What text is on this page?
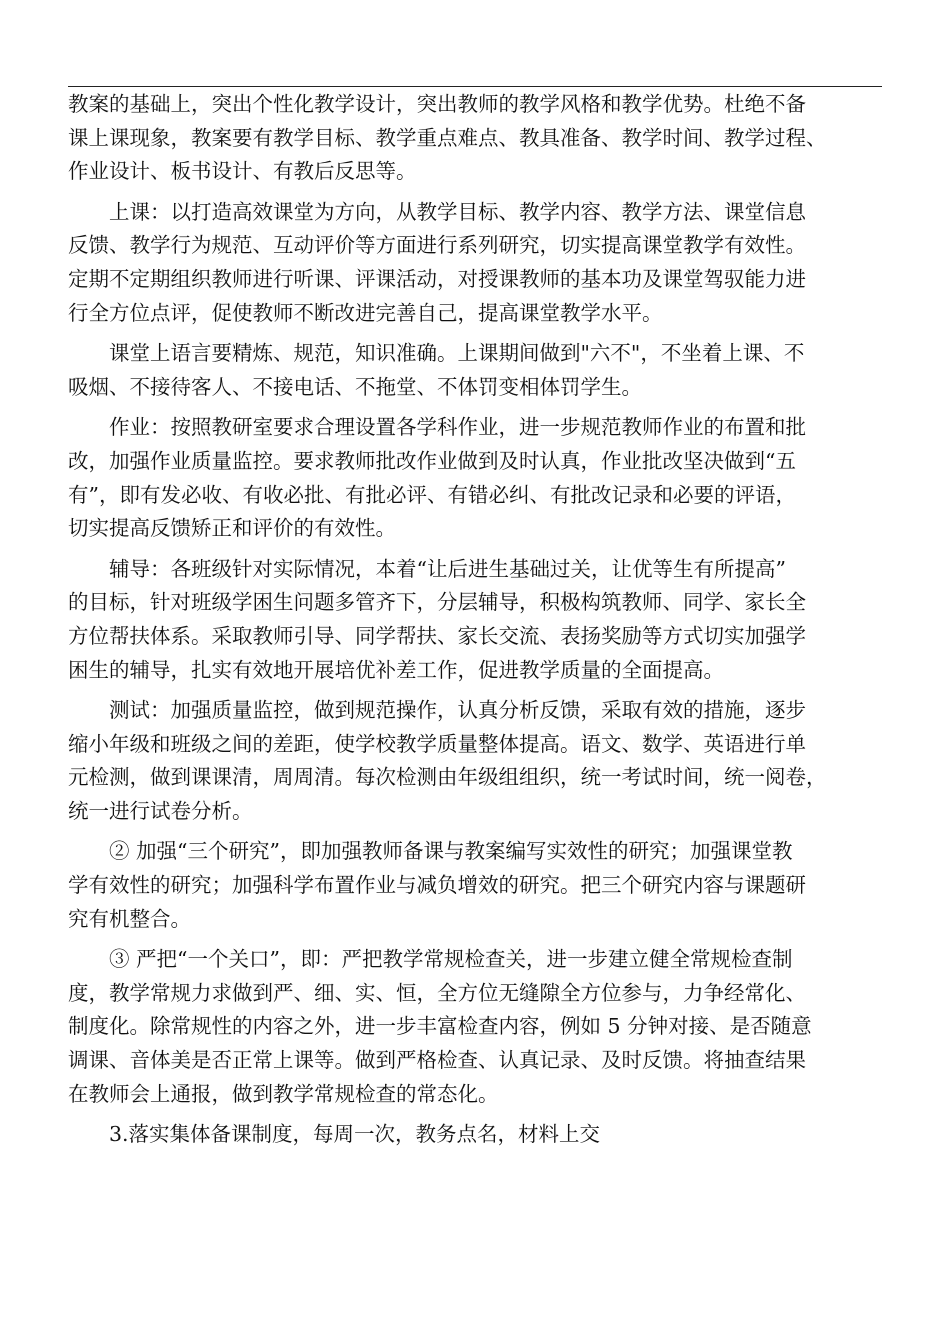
教案的基础上，突出个性化教学设计，突出教师的教学风格和教学优势。杜绝不备
课上课现象，教案要有教学目标、教学重点难点、教具准备、教学时间、教学过程、
作业设计、板书设计、有教后反思等。

　　上课：以打造高效课堂为方向，从教学目标、教学内容、教学方法、课堂信息
反馈、教学行为规范、互动评价等方面进行系列研究，切实提高课堂教学有效性。
定期不定期组织教师进行听课、评课活动，对授课教师的基本功及课堂驾驭能力进
行全方位点评，促使教师不断改进完善自己，提高课堂教学水平。

　　课堂上语言要精炼、规范，知识准确。上课期间做到"六不"，不坐着上课、不
吸烟、不接待客人、不接电话、不拖堂、不体罚变相体罚学生。

　　作业：按照教研室要求合理设置各学科作业，进一步规范教师作业的布置和批
改，加强作业质量监控。要求教师批改作业做到及时认真，作业批改坚决做到“五
有”，即有发必收、有收必批、有批必评、有错必纠、有批改记录和必要的评语，
切实提高反馈矫正和评价的有效性。

　　辅导：各班级针对实际情况，本着“让后进生基础过关，让优等生有所提高”
的目标，针对班级学困生问题多管齐下，分层辅导，积极构筑教师、同学、家长全
方位帮扶体系。采取教师引导、同学帮扶、家长交流、表扬奖励等方式切实加强学
困生的辅导，扎实有效地开展培优补差工作，促进教学质量的全面提高。

　　测试：加强质量监控，做到规范操作，认真分析反馈，采取有效的措施，逐步
缩小年级和班级之间的差距，使学校教学质量整体提高。语文、数学、英语进行单
元检测，做到课课清，周周清。每次检测由年级组组织，统一考试时间，统一阅卷，
统一进行试卷分析。

　　② 加强“三个研究”，即加强教师备课与教案编写实效性的研究；加强课堂教
学有效性的研究；加强科学布置作业与减负增效的研究。把三个研究内容与课题研
究有机整合。

　　③ 严把“一个关口”，即：严把教学常规检查关，进一步建立健全常规检查制
度，教学常规力求做到严、细、实、恒，全方位无缝隙全方位参与，力争经常化、
制度化。除常规性的内容之外，进一步丰富检查内容，例如 5 分钟对接、是否随意
调课、音体美是否正常上课等。做到严格检查、认真记录、及时反馈。将抽查结果
在教师会上通报，做到教学常规检查的常态化。

　　3.落实集体备课制度，每周一次，教务点名，材料上交
